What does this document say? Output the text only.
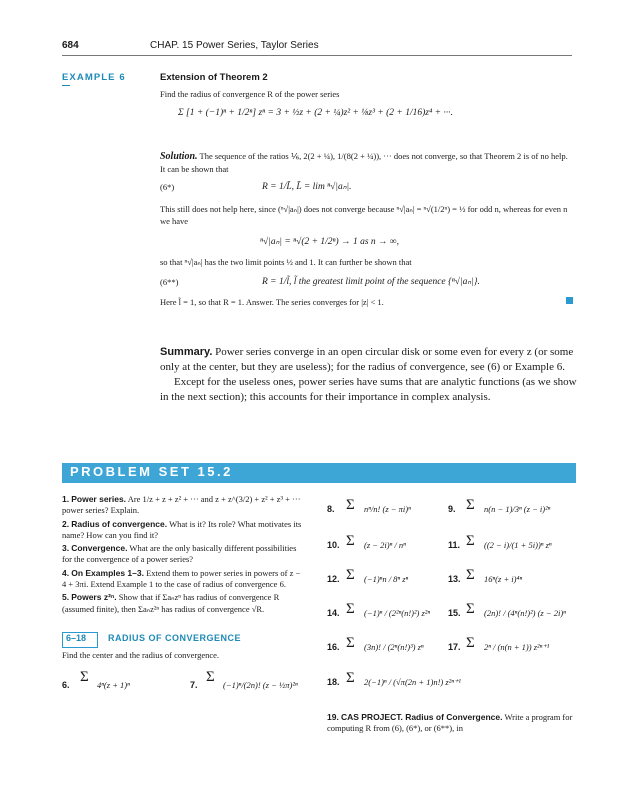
684	CHAP. 15 Power Series, Taylor Series
EXAMPLE 6	Extension of Theorem 2
Find the radius of convergence R of the power series
Σ [1 + (−1)ⁿ + 1/2ⁿ] zⁿ = 3 + ½z + (2 + ¼)z² + ⅛z³ + (2 + 1/16)z⁴ + ···.
Solution. The sequence of the ratios ⅙, 2(2 + ¼), 1/(8(2 + ¼)), ··· does not converge, so that Theorem 2 is of no help. It can be shown that
(6*)	R = 1/L̃, L̃ = lim ⁿ√|aₙ|.
This still does not help here, since (ⁿ√|aₙ|) does not converge because ⁿ√|aₙ| = ⁿ√(1/2ⁿ) = ½ for odd n, whereas for even n we have
ⁿ√|aₙ| = ⁿ√(2 + 1/2ⁿ) → 1 as n → ∞,
so that ⁿ√|aₙ| has the two limit points ½ and 1. It can further be shown that
(6**)	R = 1/l̃, l̃ the greatest limit point of the sequence {ⁿ√|aₙ|}.
Here l̃ = 1, so that R = 1. Answer. The series converges for |z| < 1.
Summary. Power series converge in an open circular disk or some even for every z (or some only at the center, but they are useless); for the radius of convergence, see (6) or Example 6.
Except for the useless ones, power series have sums that are analytic functions (as we show in the next section); this accounts for their importance in complex analysis.
PROBLEM SET 15.2
1. Power series. Are 1/z + z + z² + ··· and z + z^(3/2) + z² + z³ + ··· power series? Explain.
2. Radius of convergence. What is it? Its role? What motivates its name? How can you find it?
3. Convergence. What are the only basically different possibilities for the convergence of a power series?
4. On Examples 1–3. Extend them to power series in powers of z − 4 + 3πi. Extend Example 1 to the case of radius of convergence 6.
5. Powers z²ⁿ. Show that if Σaₙzⁿ has radius of convergence R (assumed finite), then Σaₙz²ⁿ has radius of convergence √R.
6–18 RADIUS OF CONVERGENCE
Find the center and the radius of convergence.
6. Σ 4ⁿ(z + 1)ⁿ	7. Σ (−1)ⁿ/(2n)! (z − ½π)²ⁿ
8. Σ nⁿ/n! (z − πi)ⁿ	9. Σ n(n − 1)/3ⁿ (z − i)²ⁿ
10. Σ (z − 2i)ⁿ / nⁿ	11. Σ ((2 − i)/(1 + 5i))ⁿ zⁿ
12. Σ (−1)ⁿn / 8ⁿ zⁿ	13. Σ 16ⁿ(z + i)⁴ⁿ
14. Σ (−1)ⁿ / (2²ⁿ(n!)²) z²ⁿ 15. Σ (2n)! / (4ⁿ(n!)²) (z − 2i)ⁿ
16. Σ (3n)! / (2ⁿ(n!)³) zⁿ	17. Σ 2ⁿ / (n(n + 1)) z²ⁿ⁺¹
18. Σ 2(−1)ⁿ / (√π(2n + 1)n!) z²ⁿ⁺¹
19. CAS PROJECT. Radius of Convergence. Write a program for computing R from (6), (6*), or (6**), in
